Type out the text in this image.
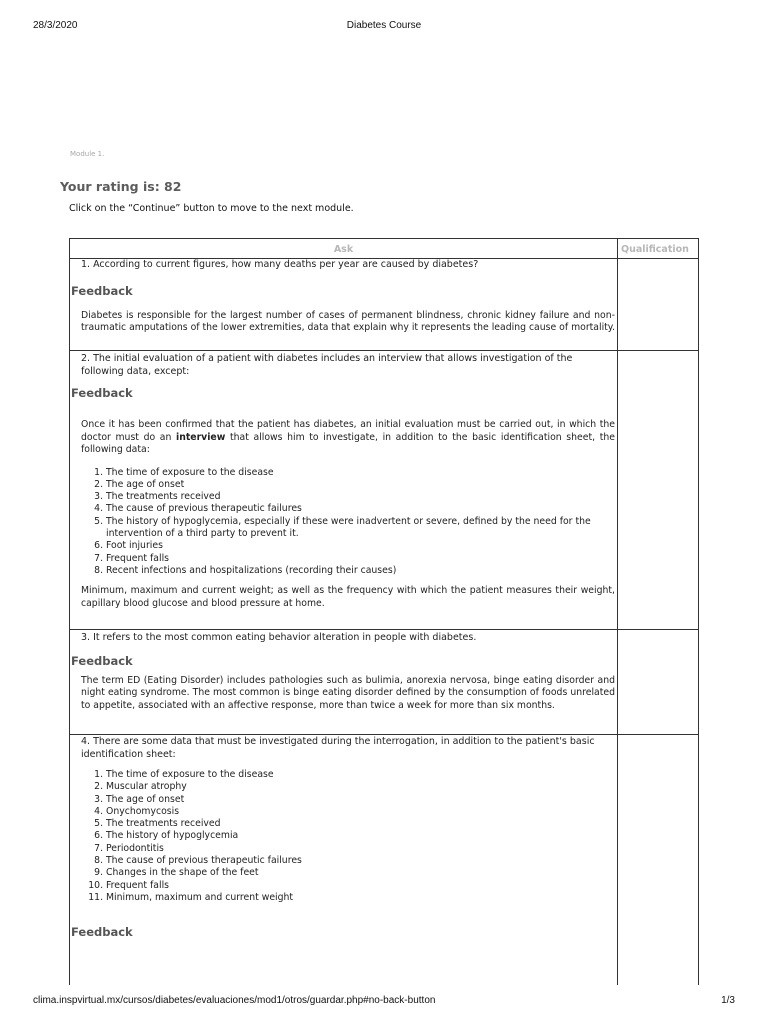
28/3/2020	Diabetes Course
Module 1.
Your rating is: 82
Click on the “Continue” button to move to the next module.
Ask	Qualification

1. According to current figures, how many deaths per year are caused by diabetes?

Feedback

Diabetes is responsible for the largest number of cases of permanent blindness, chronic kidney failure and non-traumatic amputations of the lower extremities, data that explain why it represents the leading cause of mortality.

2. The initial evaluation of a patient with diabetes includes an interview that allows investigation of the following data, except:

Feedback

Once it has been confirmed that the patient has diabetes, an initial evaluation must be carried out, in which the doctor must do an interview that allows him to investigate, in addition to the basic identification sheet, the following data:

1. The time of exposure to the disease
2. The age of onset
3. The treatments received
4. The cause of previous therapeutic failures
5. The history of hypoglycemia, especially if these were inadvertent or severe, defined by the need for the intervention of a third party to prevent it.
6. Foot injuries
7. Frequent falls
8. Recent infections and hospitalizations (recording their causes)

Minimum, maximum and current weight; as well as the frequency with which the patient measures their weight, capillary blood glucose and blood pressure at home.

3. It refers to the most common eating behavior alteration in people with diabetes.

Feedback

The term ED (Eating Disorder) includes pathologies such as bulimia, anorexia nervosa, binge eating disorder and night eating syndrome. The most common is binge eating disorder defined by the consumption of foods unrelated to appetite, associated with an affective response, more than twice a week for more than six months.

4. There are some data that must be investigated during the interrogation, in addition to the patient's basic identification sheet:

1. The time of exposure to the disease
2. Muscular atrophy
3. The age of onset
4. Onychomycosis
5. The treatments received
6. The history of hypoglycemia
7. Periodontitis
8. The cause of previous therapeutic failures
9. Changes in the shape of the feet
10. Frequent falls
11. Minimum, maximum and current weight

Feedback

clima.inspvirtual.mx/cursos/diabetes/evaluaciones/mod1/otros/guardar.php#no-back-button	1/3
